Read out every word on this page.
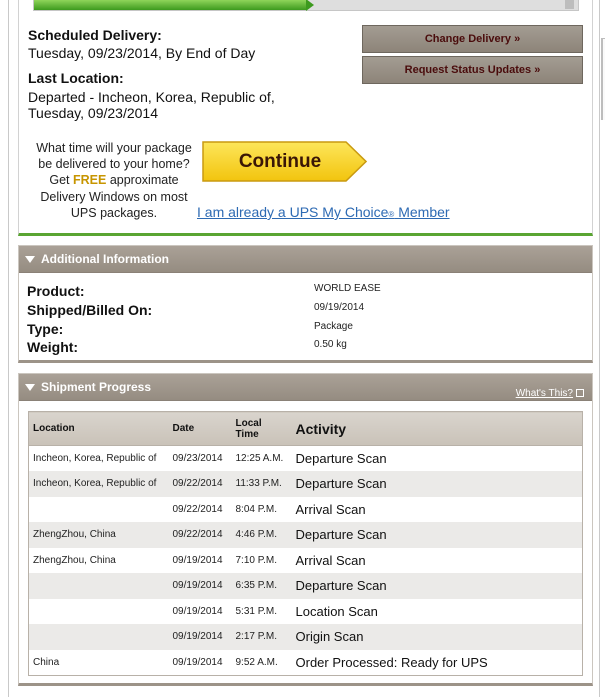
Scheduled Delivery:
Tuesday, 09/23/2014, By End of Day
Last Location:
Departed - Incheon, Korea, Republic of,
Tuesday, 09/23/2014
Change Delivery »
Request Status Updates »
What time will your package
be delivered to your home?
Get FREE approximate
Delivery Windows on most
UPS packages.
Continue
I am already a UPS My Choice® Member
Additional Information
Product:	WORLD EASE
Shipped/Billed On:	09/19/2014
Type:	Package
Weight:	0.50 kg
Shipment Progress	What's This?
Location	Date	Local
Time	Activity
Incheon, Korea, Republic of	09/23/2014	12:25 A.M.	Departure Scan
Incheon, Korea, Republic of	09/22/2014	11:33 P.M.	Departure Scan
	09/22/2014	8:04 P.M.	Arrival Scan
ZhengZhou, China	09/22/2014	4:46 P.M.	Departure Scan
ZhengZhou, China	09/19/2014	7:10 P.M.	Arrival Scan
	09/19/2014	6:35 P.M.	Departure Scan
	09/19/2014	5:31 P.M.	Location Scan
	09/19/2014	2:17 P.M.	Origin Scan
China	09/19/2014	9:52 A.M.	Order Processed: Ready for UPS
